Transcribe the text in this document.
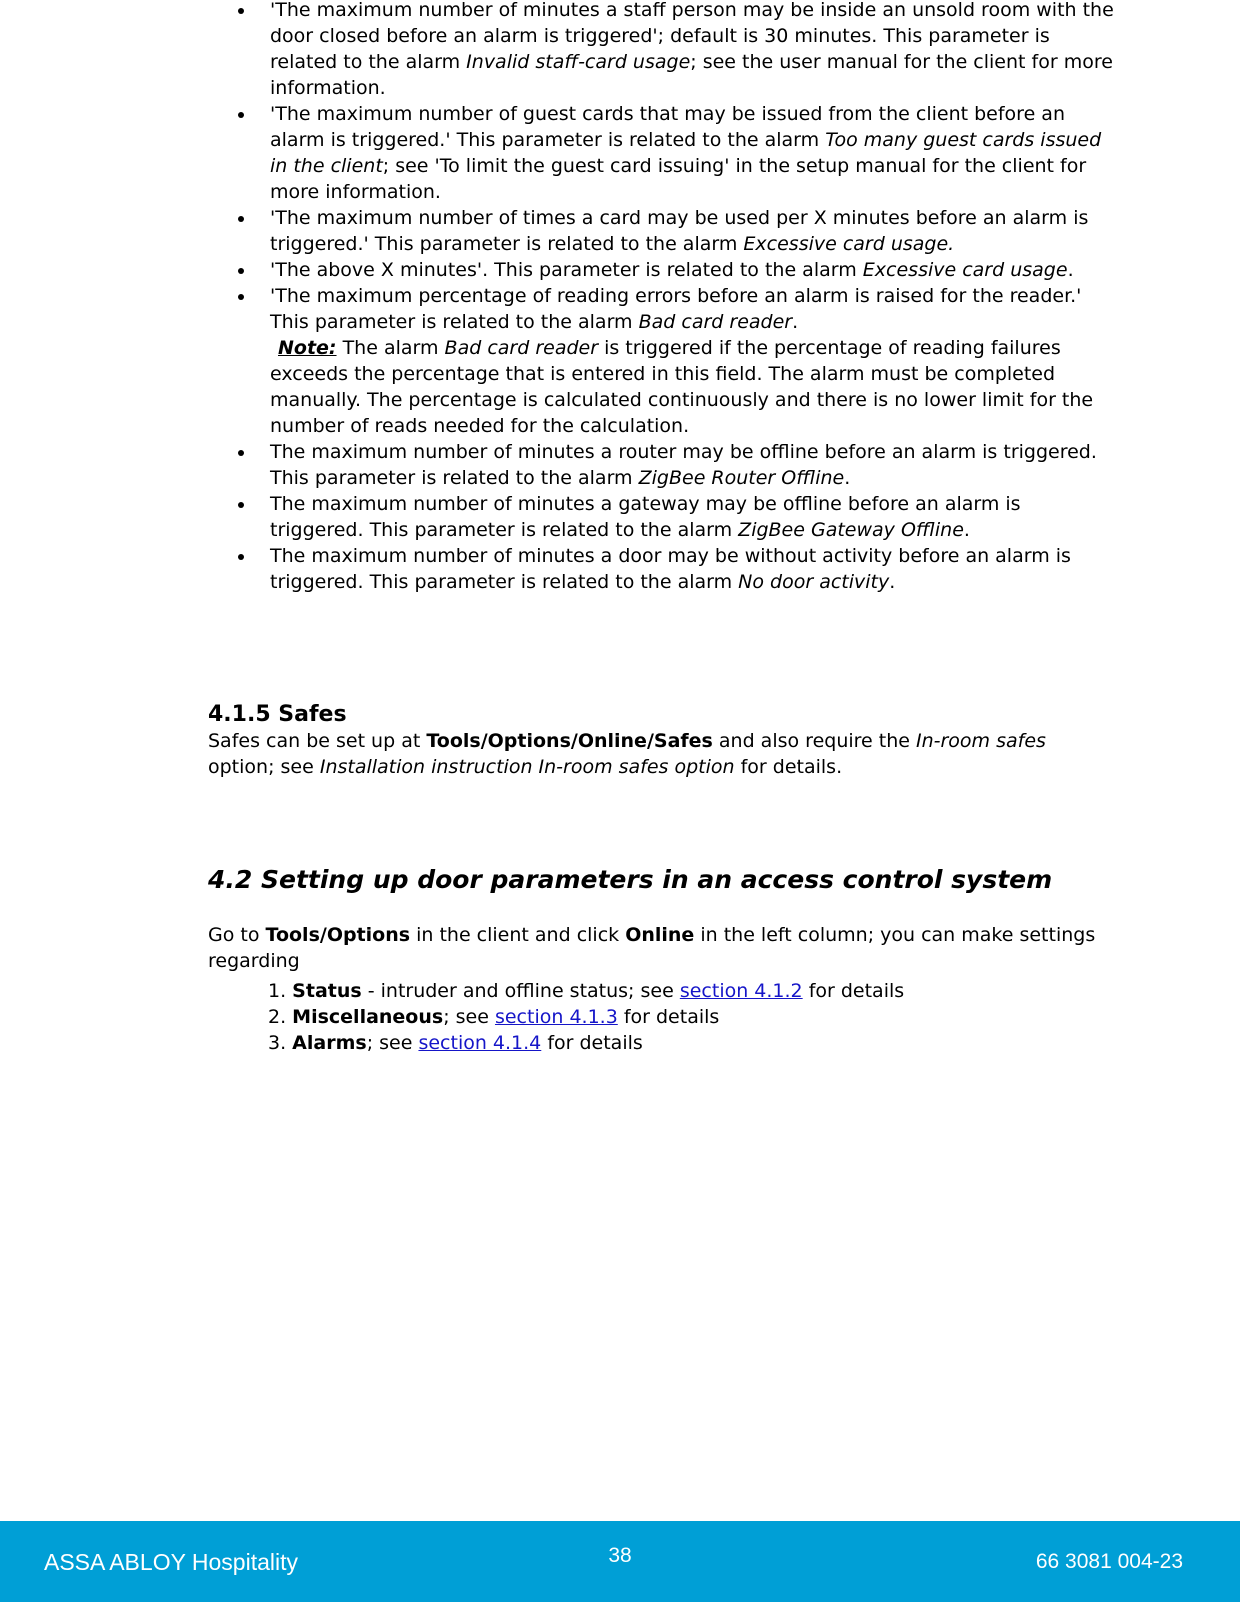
'The maximum number of minutes a staff person may be inside an unsold room with the door closed before an alarm is triggered'; default is 30 minutes. This parameter is related to the alarm Invalid staff-card usage; see the user manual for the client for more information.
'The maximum number of guest cards that may be issued from the client before an alarm is triggered.' This parameter is related to the alarm Too many guest cards issued in the client; see 'To limit the guest card issuing' in the setup manual for the client for more information.
'The maximum number of times a card may be used per X minutes before an alarm is triggered.' This parameter is related to the alarm Excessive card usage.
'The above X minutes'. This parameter is related to the alarm Excessive card usage.
'The maximum percentage of reading errors before an alarm is raised for the reader.' This parameter is related to the alarm Bad card reader.
Note: The alarm Bad card reader is triggered if the percentage of reading failures exceeds the percentage that is entered in this field. The alarm must be completed manually. The percentage is calculated continuously and there is no lower limit for the number of reads needed for the calculation.
The maximum number of minutes a router may be offline before an alarm is triggered. This parameter is related to the alarm ZigBee Router Offline.
The maximum number of minutes a gateway may be offline before an alarm is triggered. This parameter is related to the alarm ZigBee Gateway Offline.
The maximum number of minutes a door may be without activity before an alarm is triggered. This parameter is related to the alarm No door activity.
4.1.5 Safes

Safes can be set up at Tools/Options/Online/Safes and also require the In-room safes option; see Installation instruction In-room safes option for details.

4.2 Setting up door parameters in an access control system

Go to Tools/Options in the client and click Online in the left column; you can make settings regarding

1. Status - intruder and offline status; see section 4.1.2 for details
2. Miscellaneous; see section 4.1.3 for details
3. Alarms; see section 4.1.4 for details
ASSA ABLOY Hospitality	38	66 3081 004-23
